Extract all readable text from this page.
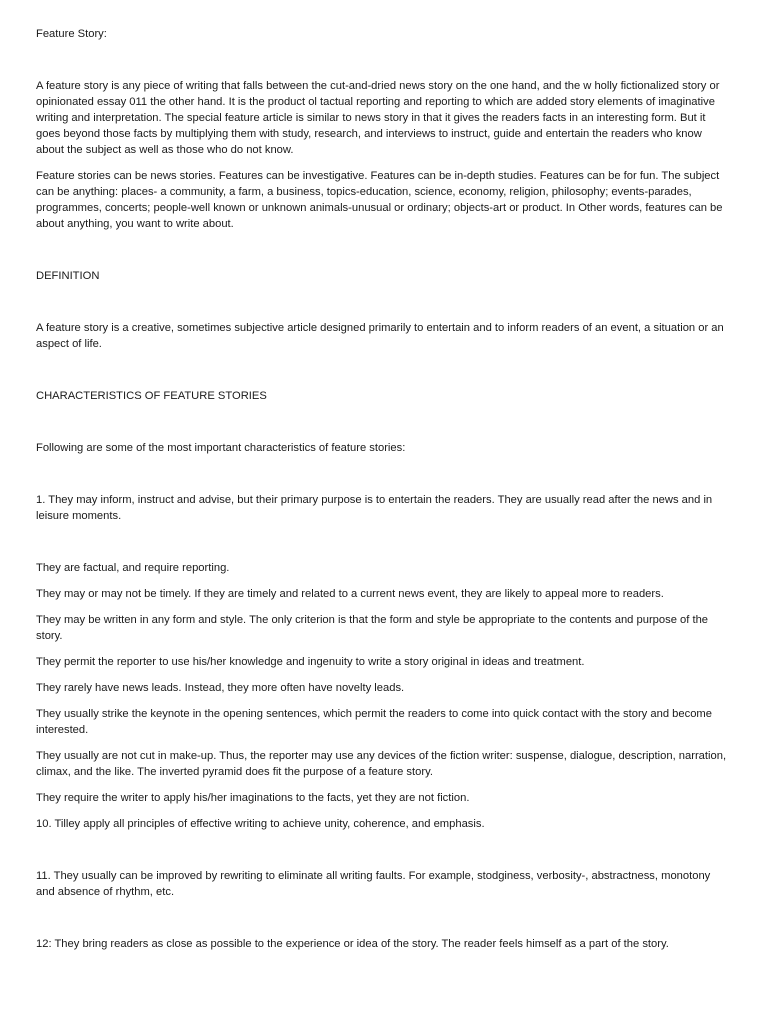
Feature Story:

A feature story is any piece of writing that falls between the cut-and-dried news story on the one hand, and the w holly fictionalized story or opinionated essay 011 the other hand. It is the product ol tactual reporting and reporting to which are added story elements of imaginative writing and interpretation. The special feature article is similar to news story in that it gives the readers facts in an interesting form. But it goes beyond those facts by multiplying them with study, research, and interviews to instruct, guide and entertain the readers who know about the subject as well as those who do not know.

Feature stories can be news stories. Features can be investigative. Features can be in-depth studies. Features can be for fun. The subject can be anything: places- a community, a farm, a business, topics-education, science, economy, religion, philosophy; events-parades, programmes, concerts; people-well known or unknown animals-unusual or ordinary; objects-art or product. In Other words, features can be about anything, you want to write about.

DEFINITION

A feature story is a creative, sometimes subjective article designed primarily to entertain and to inform readers of an event, a situation or an aspect of life.

CHARACTERISTICS OF FEATURE STORIES

Following are some of the most important characteristics of feature stories:

1. They may inform, instruct and advise, but their primary purpose is to entertain the readers. They are usually read after the news and in leisure moments.

They are factual, and require reporting.

They may or may not be timely. If they are timely and related to a current news event, they are likely to appeal more to readers.

They may be written in any form and style. The only criterion is that the form and style be appropriate to the contents and purpose of the story.

They permit the reporter to use his/her knowledge and ingenuity to write a story original in ideas and treatment.

They rarely have news leads. Instead, they more often have novelty leads.

They usually strike the keynote in the opening sentences, which permit the readers to come into quick contact with the story and become interested.

They usually are not cut in make-up. Thus, the reporter may use any devices of the fiction writer: suspense, dialogue, description, narration, climax, and the like. The inverted pyramid does fit the purpose of a feature story.

They require the writer to apply his/her imaginations to the facts, yet they are not fiction.

10. Tilley apply all principles of effective writing to achieve unity, coherence, and emphasis.

11. They usually can be improved by rewriting to eliminate all writing faults. For example, stodginess, verbosity-, abstractness, monotony and absence of rhythm, etc.

12: They bring readers as close as possible to the experience or idea of the story. The reader feels himself as a part of the story.
